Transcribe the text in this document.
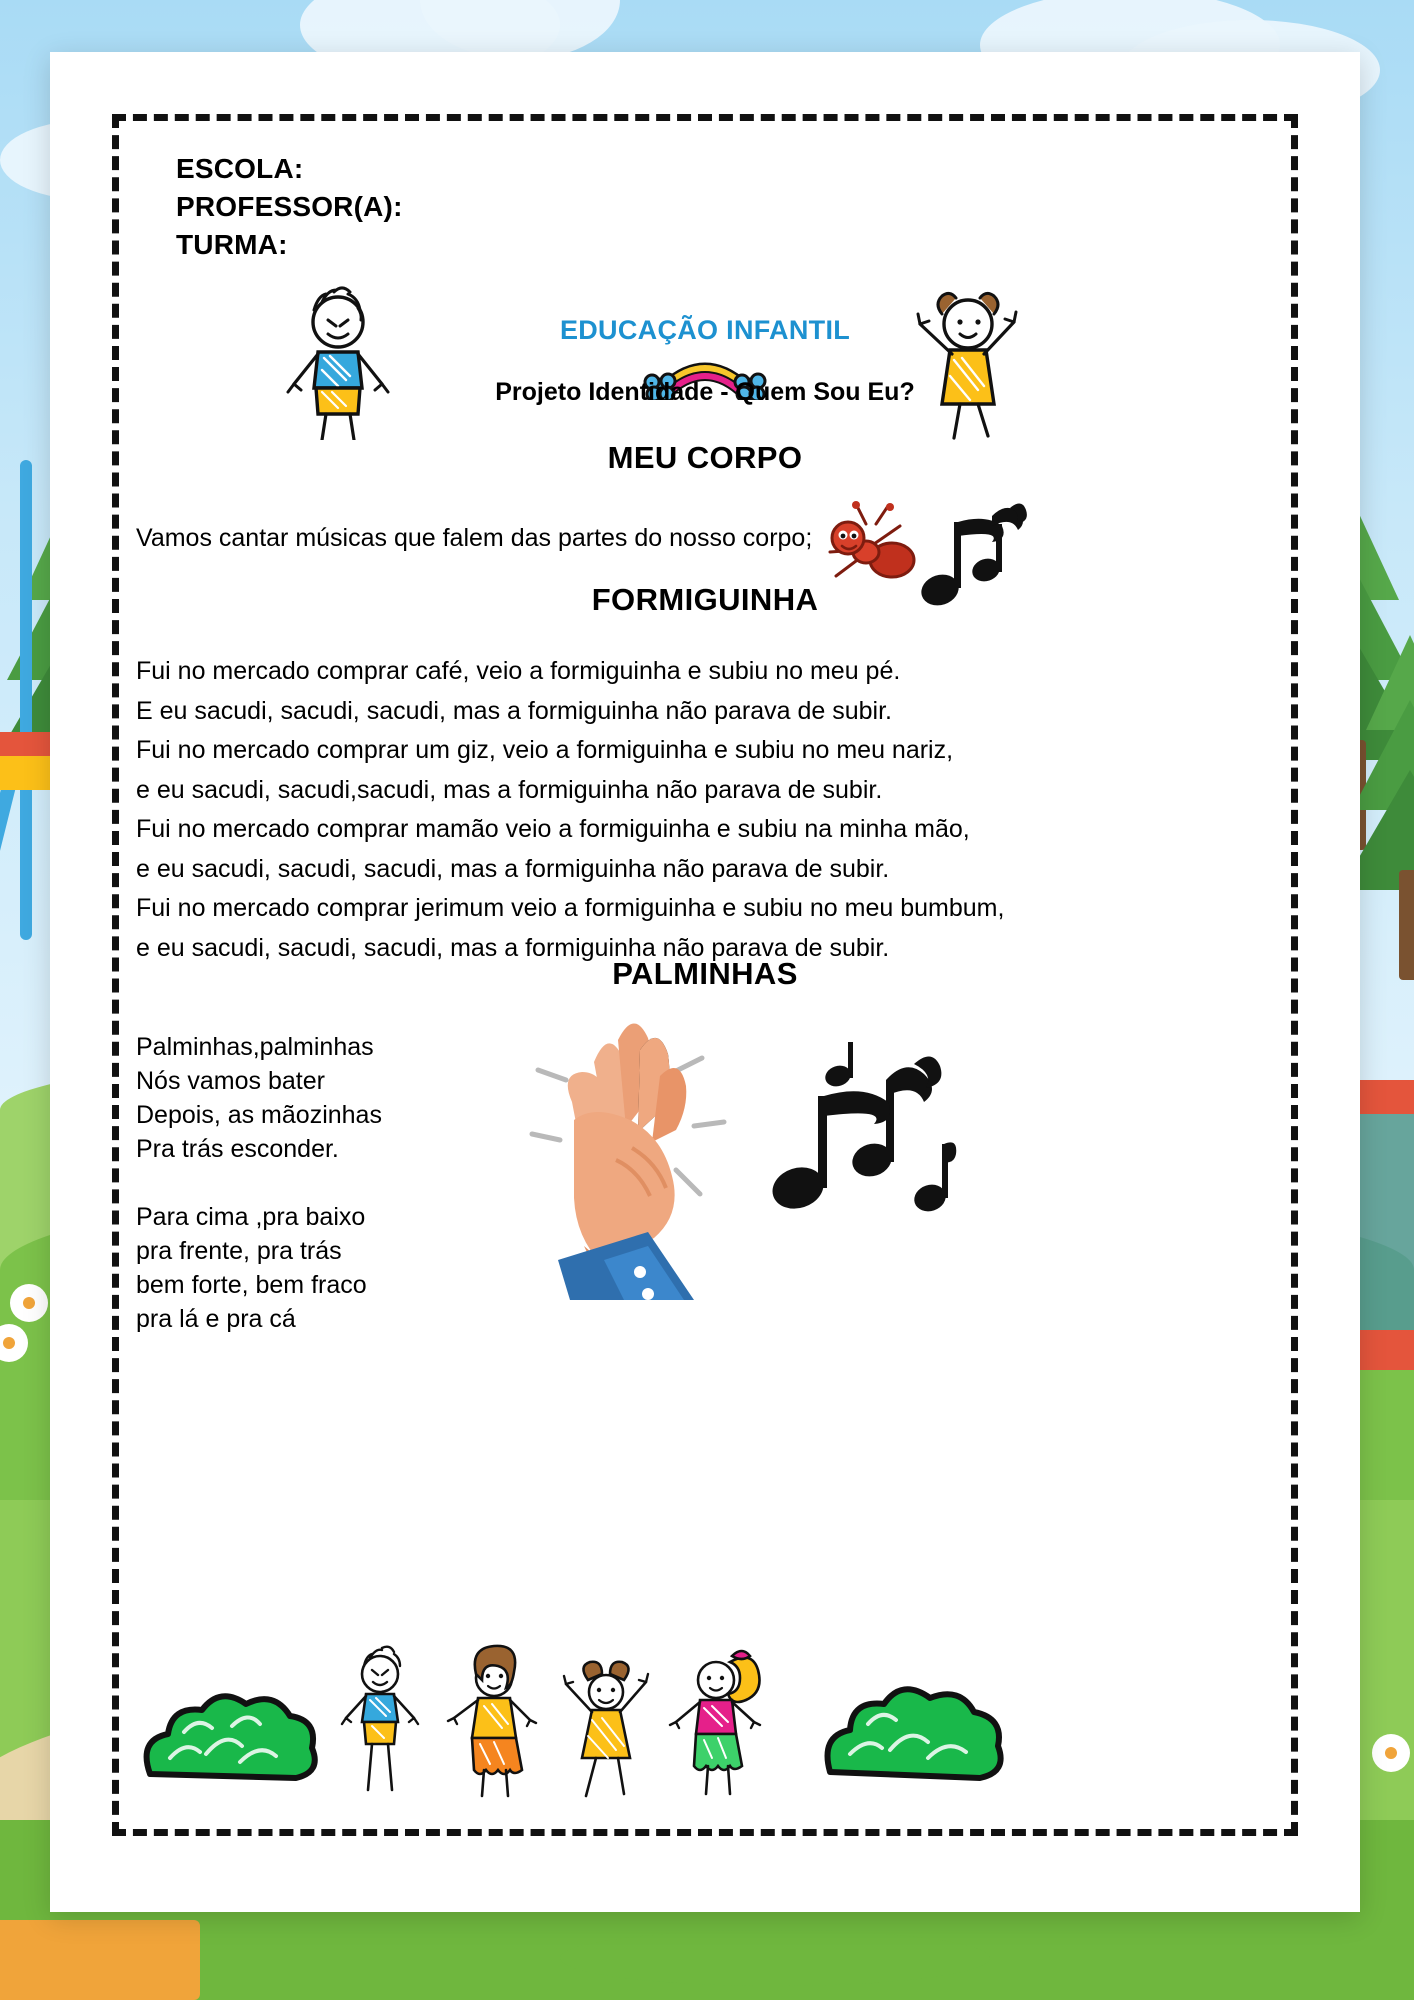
ESCOLA:
PROFESSOR(A):
TURMA:
EDUCAÇÃO INFANTIL
Projeto Identidade - Quem Sou Eu?
MEU CORPO
Vamos cantar músicas que falem das partes do nosso corpo;
FORMIGUINHA
Fui no mercado comprar café, veio a formiguinha e subiu no meu pé.
E eu sacudi, sacudi, sacudi, mas a formiguinha não parava de subir.
Fui no mercado comprar um giz, veio a formiguinha e subiu no meu nariz,
e eu sacudi, sacudi,sacudi, mas a formiguinha não parava de subir.
Fui no mercado comprar mamão veio a formiguinha e subiu na minha mão,
e eu sacudi, sacudi, sacudi, mas a formiguinha não parava de subir.
Fui no mercado comprar jerimum veio a formiguinha e subiu no meu bumbum,
e eu sacudi, sacudi, sacudi, mas a formiguinha não parava de subir.
PALMINHAS
Palminhas,palminhas
Nós vamos bater
Depois, as mãozinhas
Pra trás esconder.

Para cima ,pra baixo
pra frente, pra trás
bem forte, bem fraco
pra lá e pra cá
